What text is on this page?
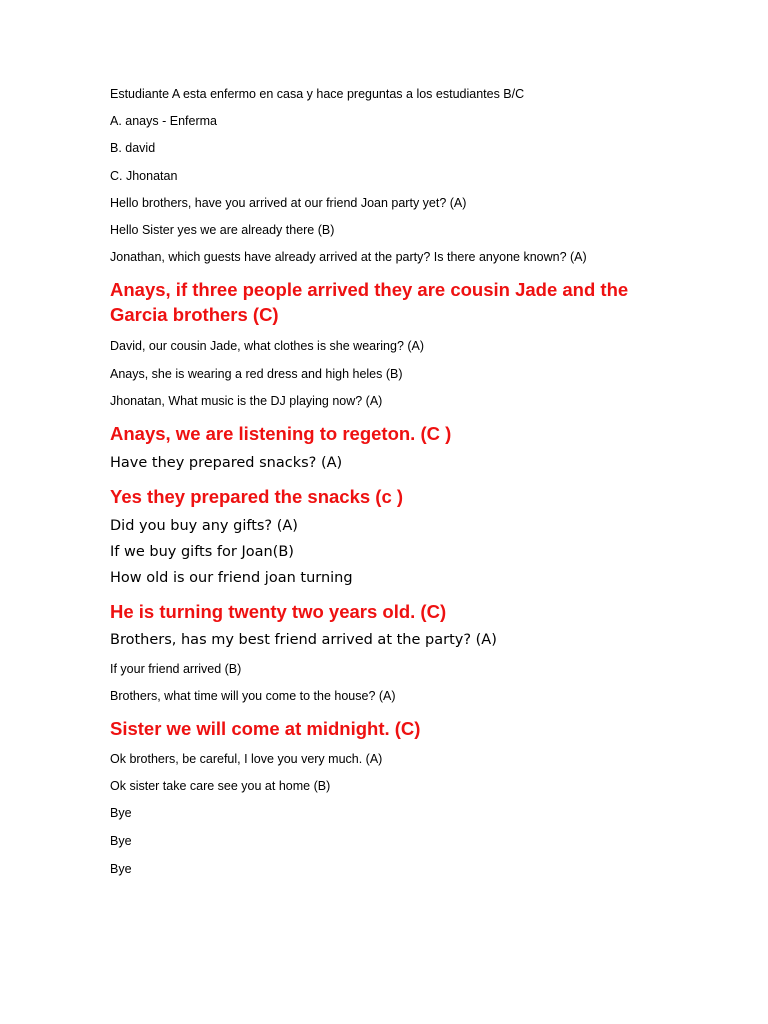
Estudiante A esta enfermo en casa y hace preguntas a los estudiantes B/C
A. anays - Enferma
B. david
C. Jhonatan
Hello brothers, have you arrived at our friend Joan party yet? (A)
Hello Sister yes we are already there (B)
Jonathan, which guests have already arrived at the party? Is there anyone known? (A)
Anays, if three people arrived they are cousin Jade and the Garcia brothers (C)
David, our cousin Jade, what clothes is she wearing? (A)
Anays, she is wearing a red dress and high heles (B)
Jhonatan, What music is the DJ playing now? (A)
Anays, we are listening to regeton. (C )
Have they prepared snacks? (A)
Yes they prepared the snacks (c )
Did you buy any gifts? (A)
If we buy gifts for Joan(B)
How old is our friend joan turning
He is turning twenty two years old. (C)
Brothers, has my best friend arrived at the party? (A)
If your friend arrived (B)
Brothers, what time will you come to the house? (A)
Sister we will come at midnight. (C)
Ok brothers, be careful, I love you very much. (A)
Ok sister take care see you at home (B)
Bye
Bye
Bye
